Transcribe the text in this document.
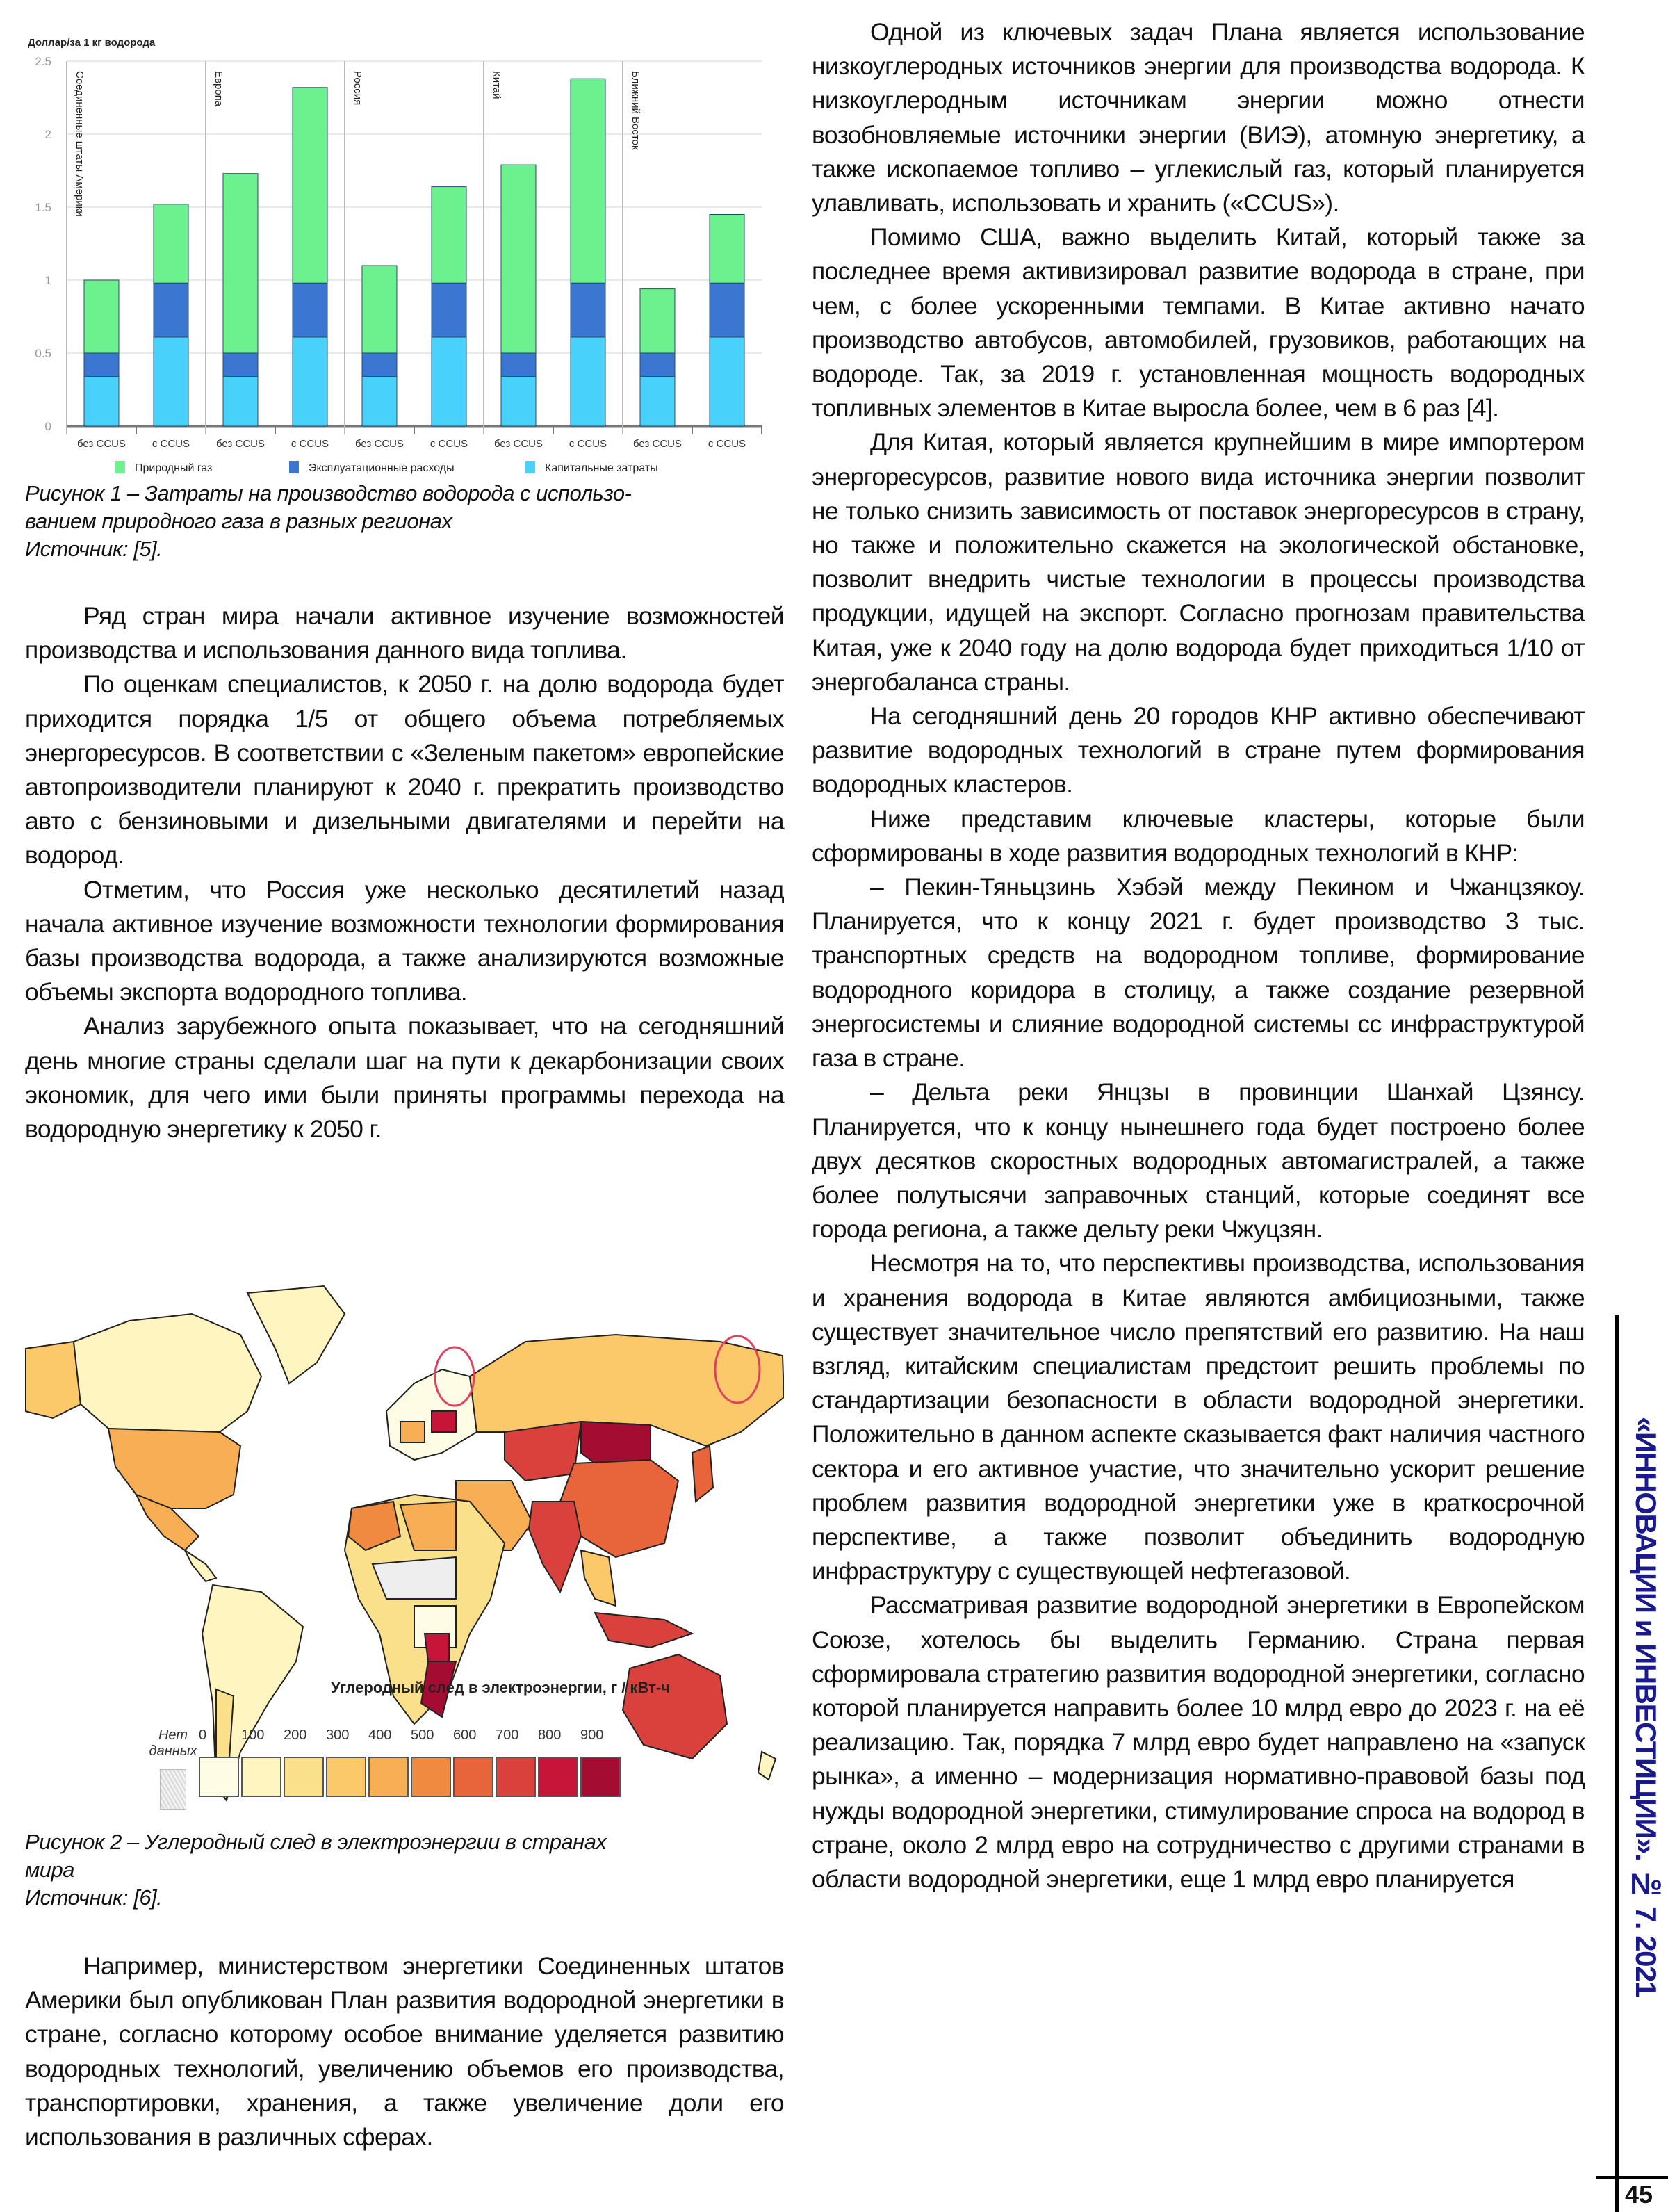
Доллар/за 1 кг водорода
0
0.5
1
1.5
2
2.5
Соединенные штаты Америки	Европа	Россия	Китай	Ближний Восток
без CCUS	с CCUS	без CCUS	с CCUS	без CCUS	с CCUS	без CCUS	с CCUS	без CCUS	с CCUS
Природный газ	Эксплуатационные расходы	Капитальные затраты

Рисунок 1 – Затраты на производство водорода с использо-

ванием природного газа в разных регионах

Источник: [5].

Ряд стран мира начали активное изучение возможностей производства и использования данного вида топлива.

По оценкам специалистов, к 2050 г. на долю водорода будет приходится порядка 1/5 от общего объема потребляемых энергоресурсов. В соответствии с «Зеленым пакетом» европейские автопроизводители планируют к 2040 г. прекратить производство авто с бензиновыми и дизельными двигателями и перейти на водород.

Отметим, что Россия уже несколько десятилетий назад начала активное изучение возможности технологии формирования базы производства водорода, а также анализируются возможные объемы экспорта водородного топлива.

Анализ зарубежного опыта показывает, что на сегодняшний день многие страны сделали шаг на пути к декарбонизации своих экономик, для чего ими были приняты программы перехода на водородную энергетику к 2050 г.

Углеродный след в электроэнергии, г / кВт-ч
Нет данных
0	100	200	300	400	500	600	700	800	900

Рисунок 2 – Углеродный след в электроэнергии в странах

мира

Источник: [6].

Например, министерством энергетики Соединенных штатов Америки был опубликован План развития водородной энергетики в стране, согласно которому особое внимание уделяется развитию водородных технологий, увеличению объемов его производства, транспортировки, хранения, а также увеличение доли его использования в различных сферах.

Одной из ключевых задач Плана является использование низкоуглеродных источников энергии для производства водорода. К низкоуглеродным источникам энергии можно отнести возобновляемые источники энергии (ВИЭ), атомную энергетику, а также ископаемое топливо – углекислый газ, который планируется улавливать, использовать и хранить («CCUS»).

Помимо США, важно выделить Китай, который также за последнее время активизировал развитие водорода в стране, при чем, с более ускоренными темпами. В Китае активно начато производство автобусов, автомобилей, грузовиков, работающих на водороде. Так, за 2019 г. установленная мощность водородных топливных элементов в Китае выросла более, чем в 6 раз [4].

Для Китая, который является крупнейшим в мире импортером энергоресурсов, развитие нового вида источника энергии позволит не только снизить зависимость от поставок энергоресурсов в страну, но также и положительно скажется на экологической обстановке, позволит внедрить чистые технологии в процессы производства продукции, идущей на экспорт. Согласно прогнозам правительства Китая, уже к 2040 году на долю водорода будет приходиться 1/10 от энергобаланса страны.

На сегодняшний день 20 городов КНР активно обеспечивают развитие водородных технологий в стране путем формирования водородных кластеров.

Ниже представим ключевые кластеры, которые были сформированы в ходе развития водородных технологий в КНР:

– Пекин-Тяньцзинь Хэбэй между Пекином и Чжанцзякоу. Планируется, что к концу 2021 г. будет производство 3 тыс. транспортных средств на водородном топливе, формирование водородного коридора в столицу, а также создание резервной энергосистемы и слияние водородной системы сс инфраструктурой газа в стране.

– Дельта реки Янцзы в провинции Шанхай Цзянсу. Планируется, что к концу нынешнего года будет построено более двух десятков скоростных водородных автомагистралей, а также более полутысячи заправочных станций, которые соединят все города региона, а также дельту реки Чжуцзян.

Несмотря на то, что перспективы производства, использования и хранения водорода в Китае являются амбициозными, также существует значительное число препятствий его развитию. На наш взгляд, китайским специалистам предстоит решить проблемы по стандартизации безопасности в области водородной энергетики. Положительно в данном аспекте сказывается факт наличия частного сектора и его активное участие, что значительно ускорит решение проблем развития водородной энергетики уже в краткосрочной перспективе, а также позволит объединить водородную инфраструктуру с существующей нефтегазовой.

Рассматривая развитие водородной энергетики в Европейском Союзе, хотелось бы выделить Германию. Страна первая сформировала стратегию развития водородной энергетики, согласно которой планируется направить более 10 млрд евро до 2023 г. на её реализацию. Так, порядка 7 млрд евро будет направлено на «запуск рынка», а именно – модернизация нормативно-правовой базы под нужды водородной энергетики, стимулирование спроса на водород в стране, около 2 млрд евро на сотрудничество с другими странами в области водородной энергетики, еще 1 млрд евро планируется	«ИННОВАЦИИ и ИНВЕСТИЦИИ». № 7. 2021
45
